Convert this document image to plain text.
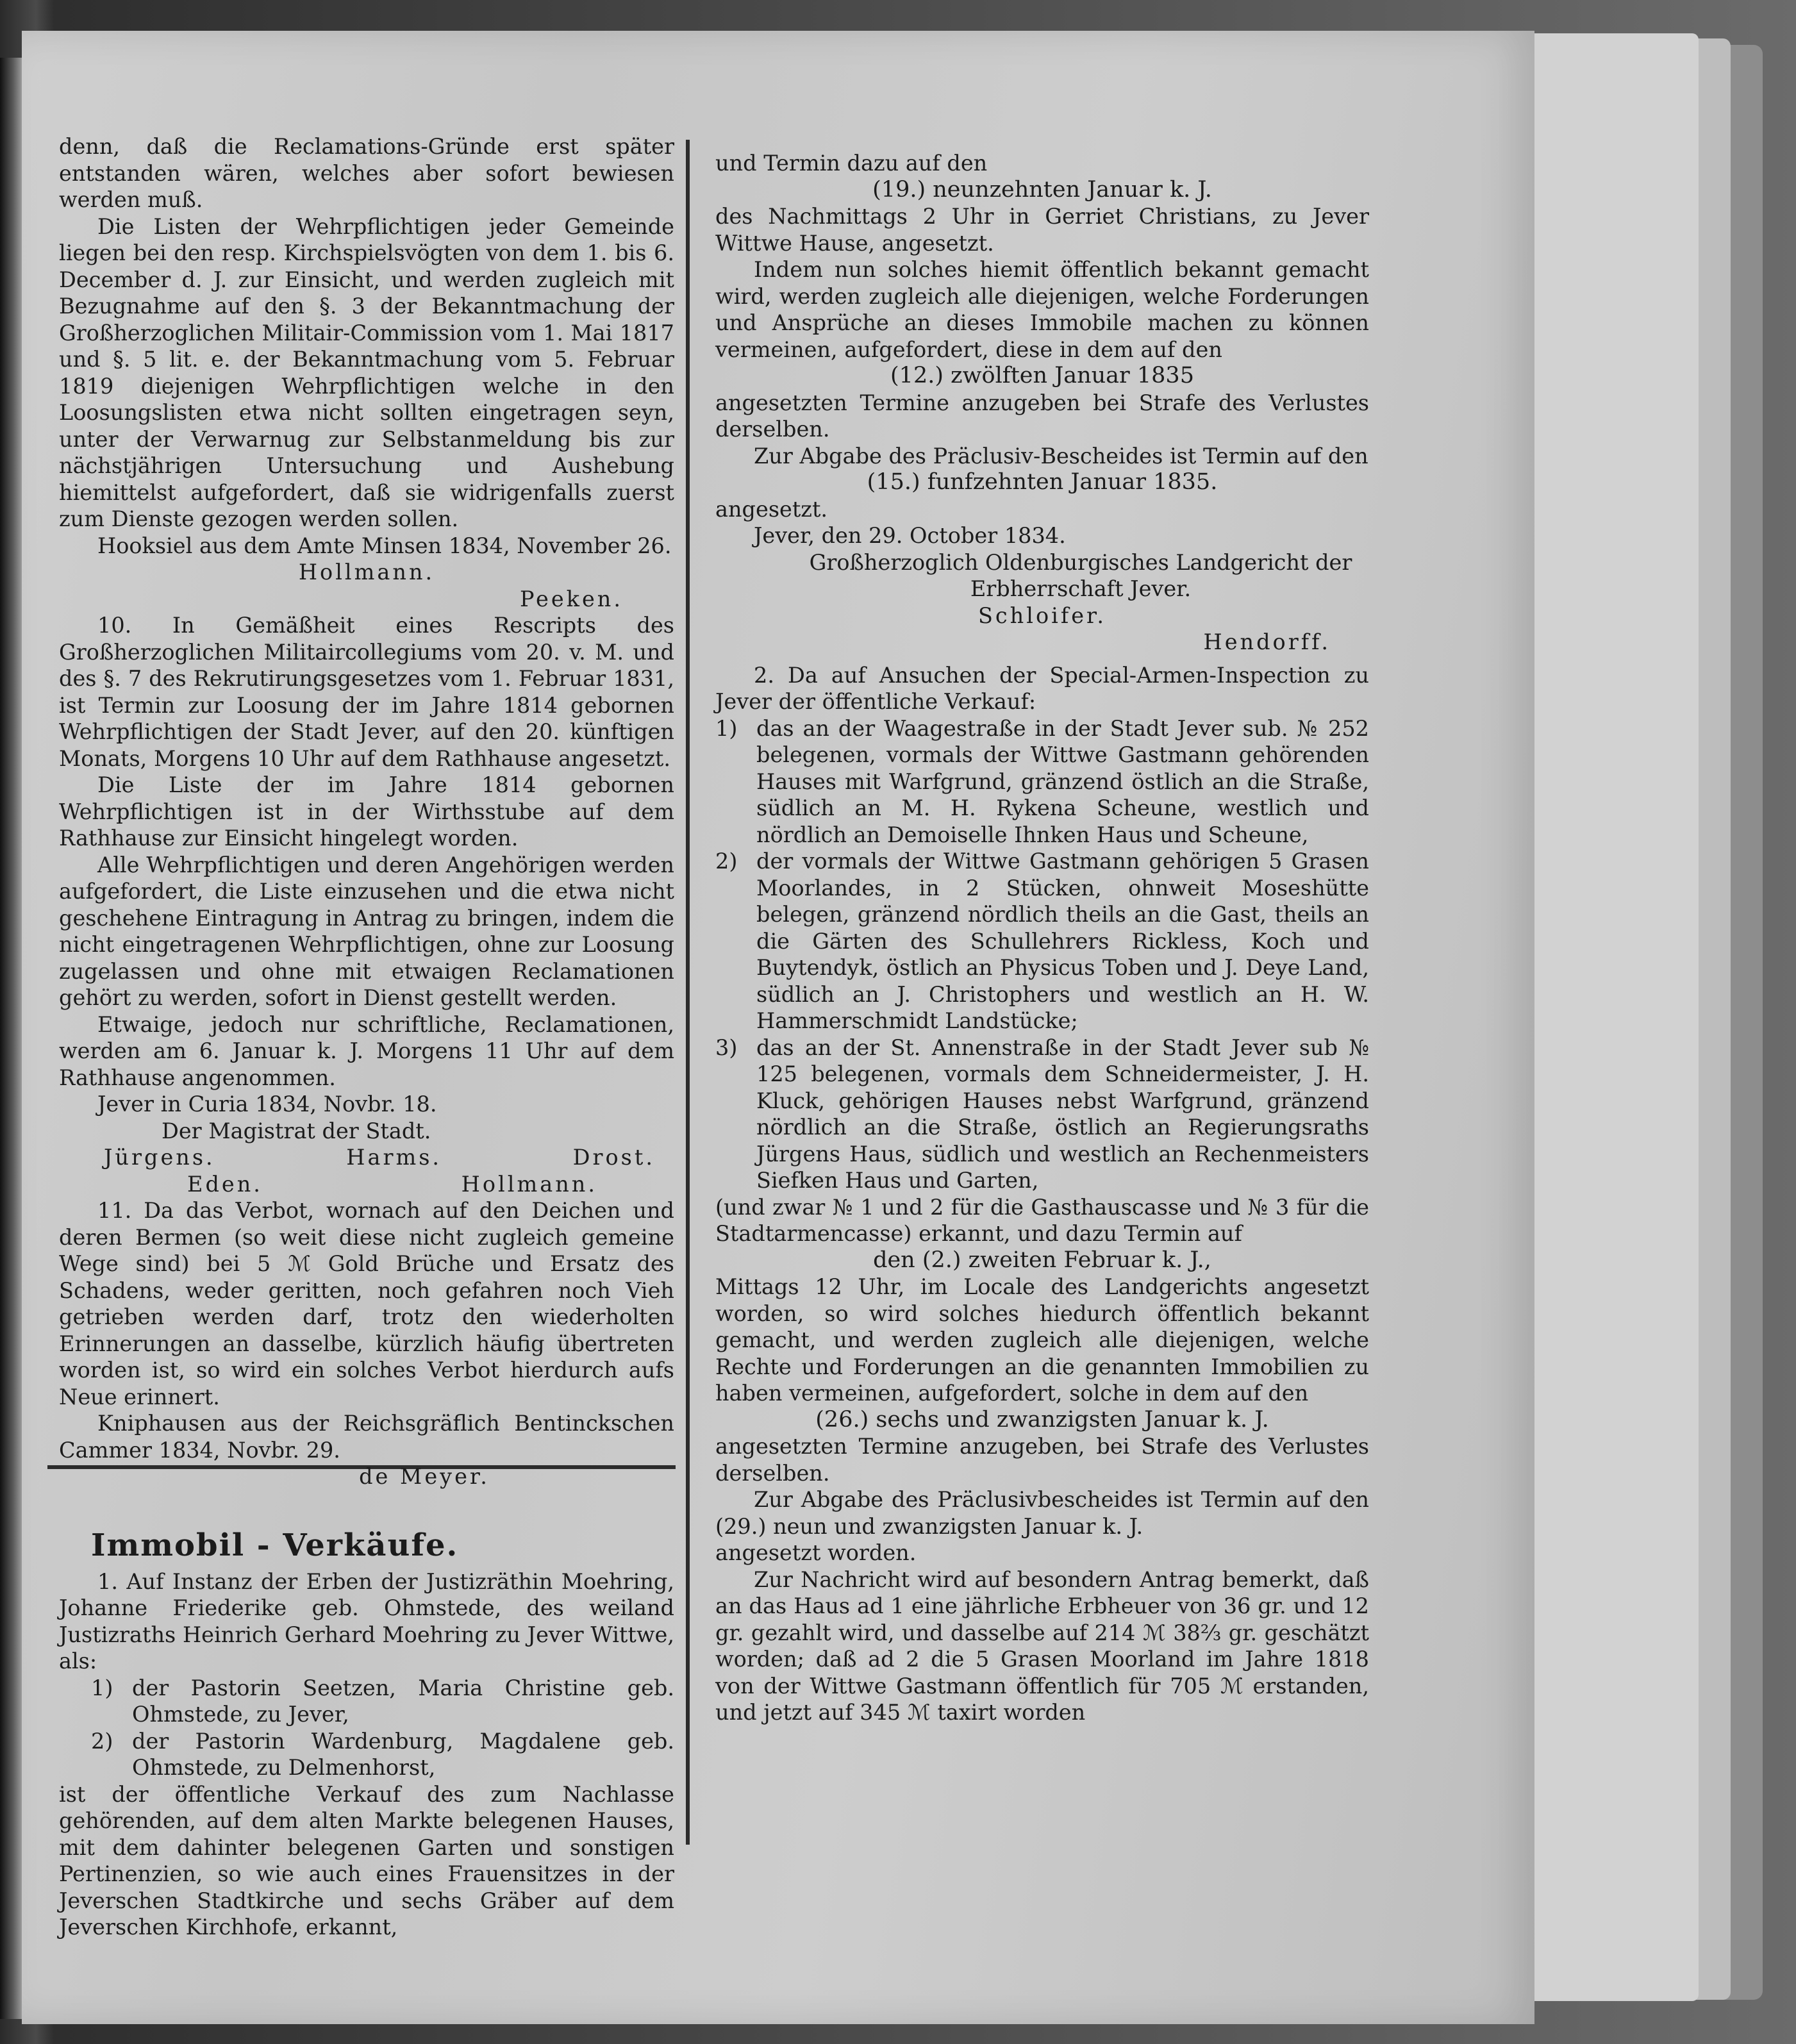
denn, daß die Reclamations-Gründe erst später entstanden wären, welches aber sofort bewiesen werden muß.

Die Listen der Wehrpflichtigen jeder Gemeinde liegen bei den resp. Kirchspielsvögten von dem 1. bis 6. December d. J. zur Einsicht, und werden zugleich mit Bezugnahme auf den §. 3 der Bekanntmachung der Großherzoglichen Militair-Commission vom 1. Mai 1817 und §. 5 lit. e. der Bekanntmachung vom 5. Februar 1819 diejenigen Wehrpflichtigen welche in den Loosungslisten etwa nicht sollten eingetragen seyn, unter der Verwarnug zur Selbstanmeldung bis zur nächstjährigen Untersuchung und Aushebung hiemittelst aufgefordert, daß sie widrigenfalls zuerst zum Dienste gezogen werden sollen.

Hooksiel aus dem Amte Minsen 1834, November 26.

Hollmann.

Peeken.

10. In Gemäßheit eines Rescripts des Großherzoglichen Militaircollegiums vom 20. v. M. und des §. 7 des Rekrutirungsgesetzes vom 1. Februar 1831, ist Termin zur Loosung der im Jahre 1814 gebornen Wehrpflichtigen der Stadt Jever, auf den 20. künftigen Monats, Morgens 10 Uhr auf dem Rathhause angesetzt.

Die Liste der im Jahre 1814 gebornen Wehrpflichtigen ist in der Wirthsstube auf dem Rathhause zur Einsicht hingelegt worden.

Alle Wehrpflichtigen und deren Angehörigen werden aufgefordert, die Liste einzusehen und die etwa nicht geschehene Eintragung in Antrag zu bringen, indem die nicht eingetragenen Wehrpflichtigen, ohne zur Loosung zugelassen und ohne mit etwaigen Reclamationen gehört zu werden, sofort in Dienst gestellt werden.

Etwaige, jedoch nur schriftliche, Reclamationen, werden am 6. Januar k. J. Morgens 11 Uhr auf dem Rathhause angenommen.

Jever in Curia 1834, Novbr. 18.

Der Magistrat der Stadt.

Jürgens.	Harms.	Drost.
Eden.	Hollmann.

11. Da das Verbot, wornach auf den Deichen und deren Bermen (so weit diese nicht zugleich gemeine Wege sind) bei 5 ℳ Gold Brüche und Ersatz des Schadens, weder geritten, noch gefahren noch Vieh getrieben werden darf, trotz den wiederholten Erinnerungen an dasselbe, kürzlich häufig übertreten worden ist, so wird ein solches Verbot hierdurch aufs Neue erinnert.

Kniphausen aus der Reichsgräflich Bentinckschen Cammer 1834, Novbr. 29.

de Meyer.

Immobil - Verkäufe.

1. Auf Instanz der Erben der Justizräthin Moehring, Johanne Friederike geb. Ohmstede, des weiland Justizraths Heinrich Gerhard Moehring zu Jever Wittwe, als:

1) der Pastorin Seetzen, Maria Christine geb. Ohmstede, zu Jever,
2) der Pastorin Wardenburg, Magdalene geb. Ohmstede, zu Delmenhorst,

ist der öffentliche Verkauf des zum Nachlasse gehörenden, auf dem alten Markte belegenen Hauses, mit dem dahinter belegenen Garten und sonstigen Pertinenzien, so wie auch eines Frauensitzes in der Jeverschen Stadtkirche und sechs Gräber auf dem Jeverschen Kirchhofe, erkannt,

und Termin dazu auf den

(19.) neunzehnten Januar k. J.

des Nachmittags 2 Uhr in Gerriet Christians, zu Jever Wittwe Hause, angesetzt.

Indem nun solches hiemit öffentlich bekannt gemacht wird, werden zugleich alle diejenigen, welche Forderungen und Ansprüche an dieses Immobile machen zu können vermeinen, aufgefordert, diese in dem auf den

(12.) zwölften Januar 1835

angesetzten Termine anzugeben bei Strafe des Verlustes derselben.

Zur Abgabe des Präclusiv-Bescheides ist Termin auf den

(15.) funfzehnten Januar 1835.

angesetzt.

Jever, den 29. October 1834.

Großherzoglich Oldenburgisches Landgericht der Erbherrschaft Jever.

Schloifer.

Hendorff.

2. Da auf Ansuchen der Special-Armen-Inspection zu Jever der öffentliche Verkauf:

1) das an der Waagestraße in der Stadt Jever sub. № 252 belegenen, vormals der Wittwe Gastmann gehörenden Hauses mit Warfgrund, gränzend östlich an die Straße, südlich an M. H. Rykena Scheune, westlich und nördlich an Demoiselle Ihnken Haus und Scheune,
2) der vormals der Wittwe Gastmann gehörigen 5 Grasen Moorlandes, in 2 Stücken, ohnweit Moseshütte belegen, gränzend nördlich theils an die Gast, theils an die Gärten des Schullehrers Rickless, Koch und Buytendyk, östlich an Physicus Toben und J. Deye Land, südlich an J. Christophers und westlich an H. W. Hammerschmidt Landstücke;
3) das an der St. Annenstraße in der Stadt Jever sub № 125 belegenen, vormals dem Schneidermeister, J. H. Kluck, gehörigen Hauses nebst Warfgrund, gränzend nördlich an die Straße, östlich an Regierungsraths Jürgens Haus, südlich und westlich an Rechenmeisters Siefken Haus und Garten,

(und zwar № 1 und 2 für die Gasthauscasse und № 3 für die Stadtarmencasse) erkannt, und dazu Termin auf

den (2.) zweiten Februar k. J.,

Mittags 12 Uhr, im Locale des Landgerichts angesetzt worden, so wird solches hiedurch öffentlich bekannt gemacht, und werden zugleich alle diejenigen, welche Rechte und Forderungen an die genannten Immobilien zu haben vermeinen, aufgefordert, solche in dem auf den

(26.) sechs und zwanzigsten Januar k. J.

angesetzten Termine anzugeben, bei Strafe des Verlustes derselben.

Zur Abgabe des Präclusivbescheides ist Termin auf den (29.) neun und zwanzigsten Januar k. J.

angesetzt worden.

Zur Nachricht wird auf besondern Antrag bemerkt, daß an das Haus ad 1 eine jährliche Erbheuer von 36 gr. und 12 gr. gezahlt wird, und dasselbe auf 214 ℳ 38⅔ gr. geschätzt worden; daß ad 2 die 5 Grasen Moorland im Jahre 1818 von der Wittwe Gastmann öffentlich für 705 ℳ erstanden, und jetzt auf 345 ℳ taxirt worden
